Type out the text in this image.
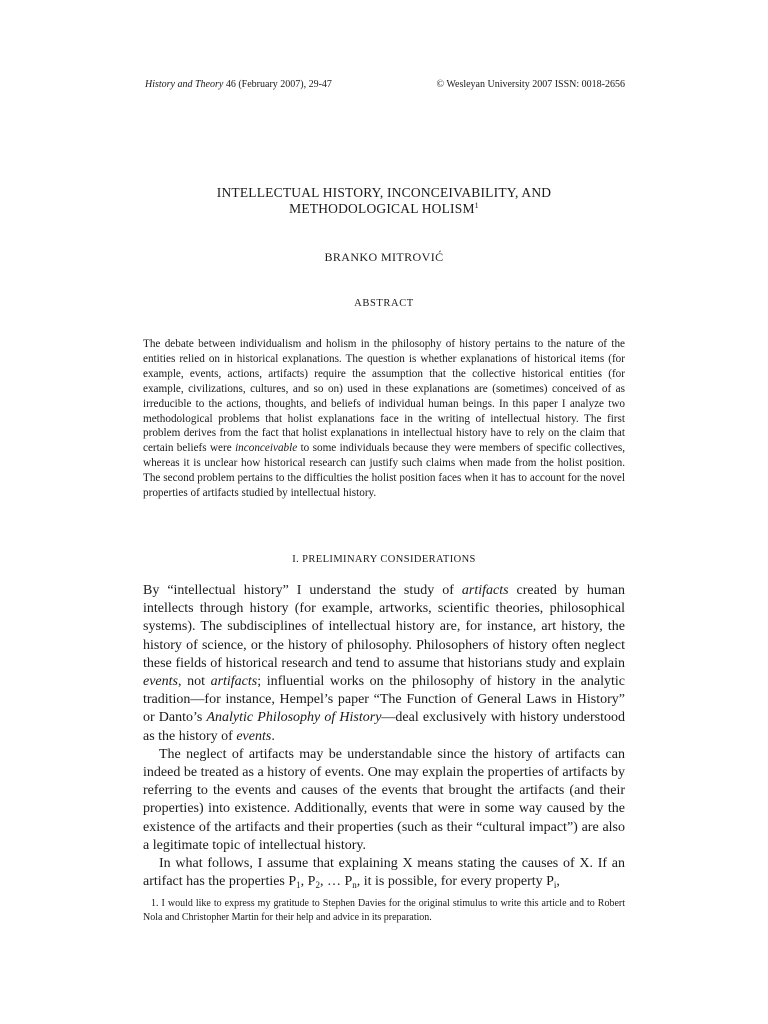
History and Theory 46 (February 2007), 29-47	© Wesleyan University 2007 ISSN: 0018-2656
INTELLECTUAL HISTORY, INCONCEIVABILITY, AND
METHODOLOGICAL HOLISM$^1$
BRANKO MITROVIĆ
ABSTRACT

The debate between individualism and holism in the philosophy of history pertains to the nature of the entities relied on in historical explanations. The question is whether explanations of historical items (for example, events, actions, artifacts) require the assumption that the collective historical entities (for example, civilizations, cultures, and so on) used in these explanations are (sometimes) conceived of as irreducible to the actions, thoughts, and beliefs of individual human beings. In this paper I analyze two methodological problems that holist explanations face in the writing of intellectual history. The first problem derives from the fact that holist explanations in intellectual history have to rely on the claim that certain beliefs were inconceivable to some individuals because they were members of specific collectives, whereas it is unclear how historical research can justify such claims when made from the holist position. The second problem pertains to the difficulties the holist position faces when it has to account for the novel properties of artifacts studied by intellectual history.

I. PRELIMINARY CONSIDERATIONS

By “intellectual history” I understand the study of artifacts created by human intellects through history (for example, artworks, scientific theories, philosophical systems). The subdisciplines of intellectual history are, for instance, art history, the history of science, or the history of philosophy. Philosophers of history often neglect these fields of historical research and tend to assume that historians study and explain events, not artifacts; influential works on the philosophy of history in the analytic tradition—for instance, Hempel’s paper “The Function of General Laws in History” or Danto’s Analytic Philosophy of History—deal exclusively with history understood as the history of events.

The neglect of artifacts may be understandable since the history of artifacts can indeed be treated as a history of events. One may explain the properties of artifacts by referring to the events and causes of the events that brought the artifacts (and their properties) into existence. Additionally, events that were in some way caused by the existence of the artifacts and their properties (such as their “cultural impact”) are also a legitimate topic of intellectual history.

In what follows, I assume that explaining X means stating the causes of X. If an artifact has the properties $P_1$, $P_2$, … $P_n$, it is possible, for every property $P_i$,

1. I would like to express my gratitude to Stephen Davies for the original stimulus to write this article and to Robert Nola and Christopher Martin for their help and advice in its preparation.
